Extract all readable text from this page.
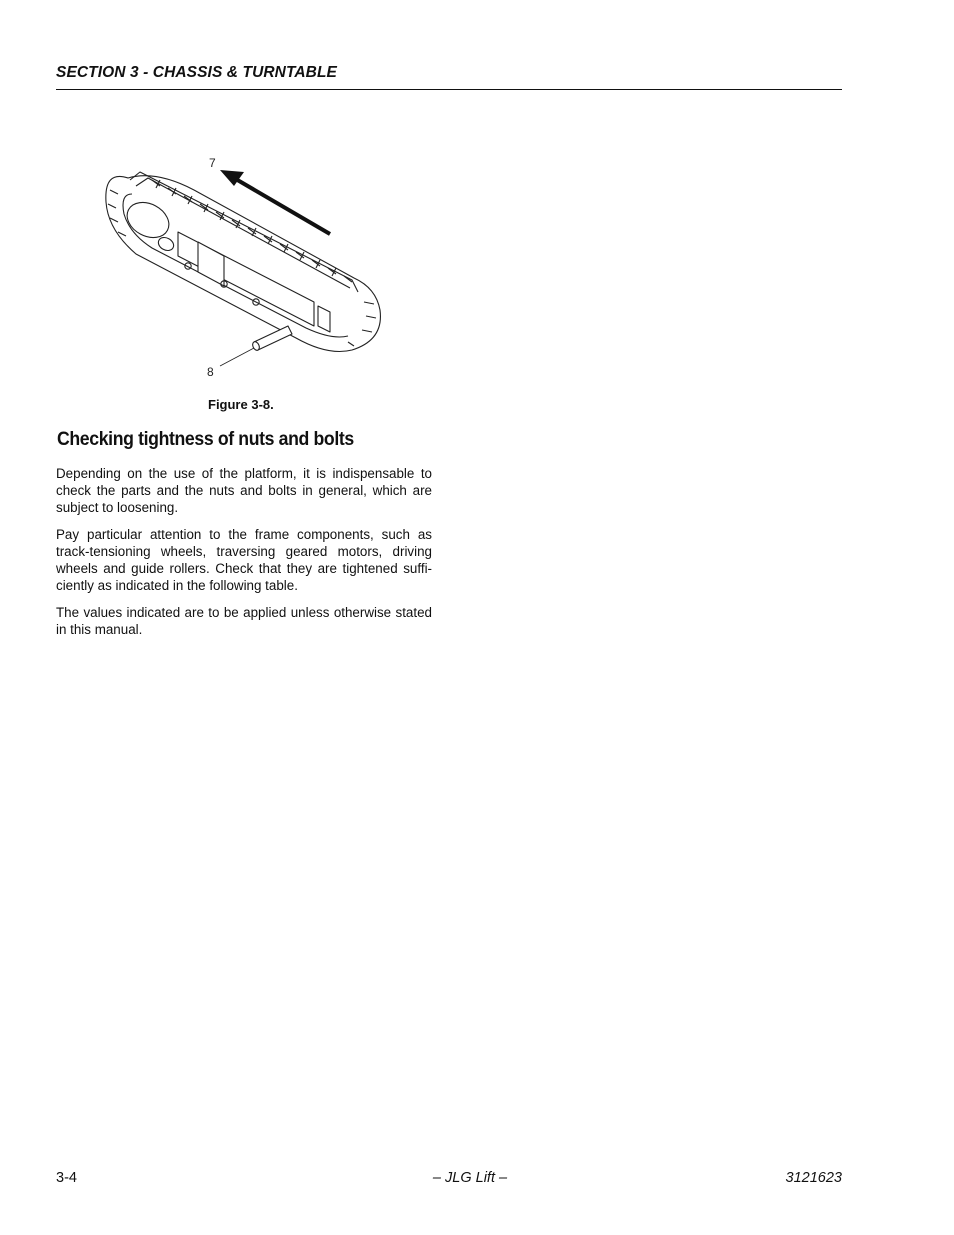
SECTION 3 - CHASSIS & TURNTABLE
7
8
Figure 3-8.
Checking tightness of nuts and bolts

Depending on the use of the platform, it is indispensable to check the parts and the nuts and bolts in general, which are subject to loosening.

Pay particular attention to the frame components, such as track-tensioning wheels, traversing geared motors, driving wheels and guide rollers. Check that they are tightened suffi- ciently as indicated in the following table.

The values indicated are to be applied unless otherwise stated in this manual.

3-4	– JLG Lift –	3121623
